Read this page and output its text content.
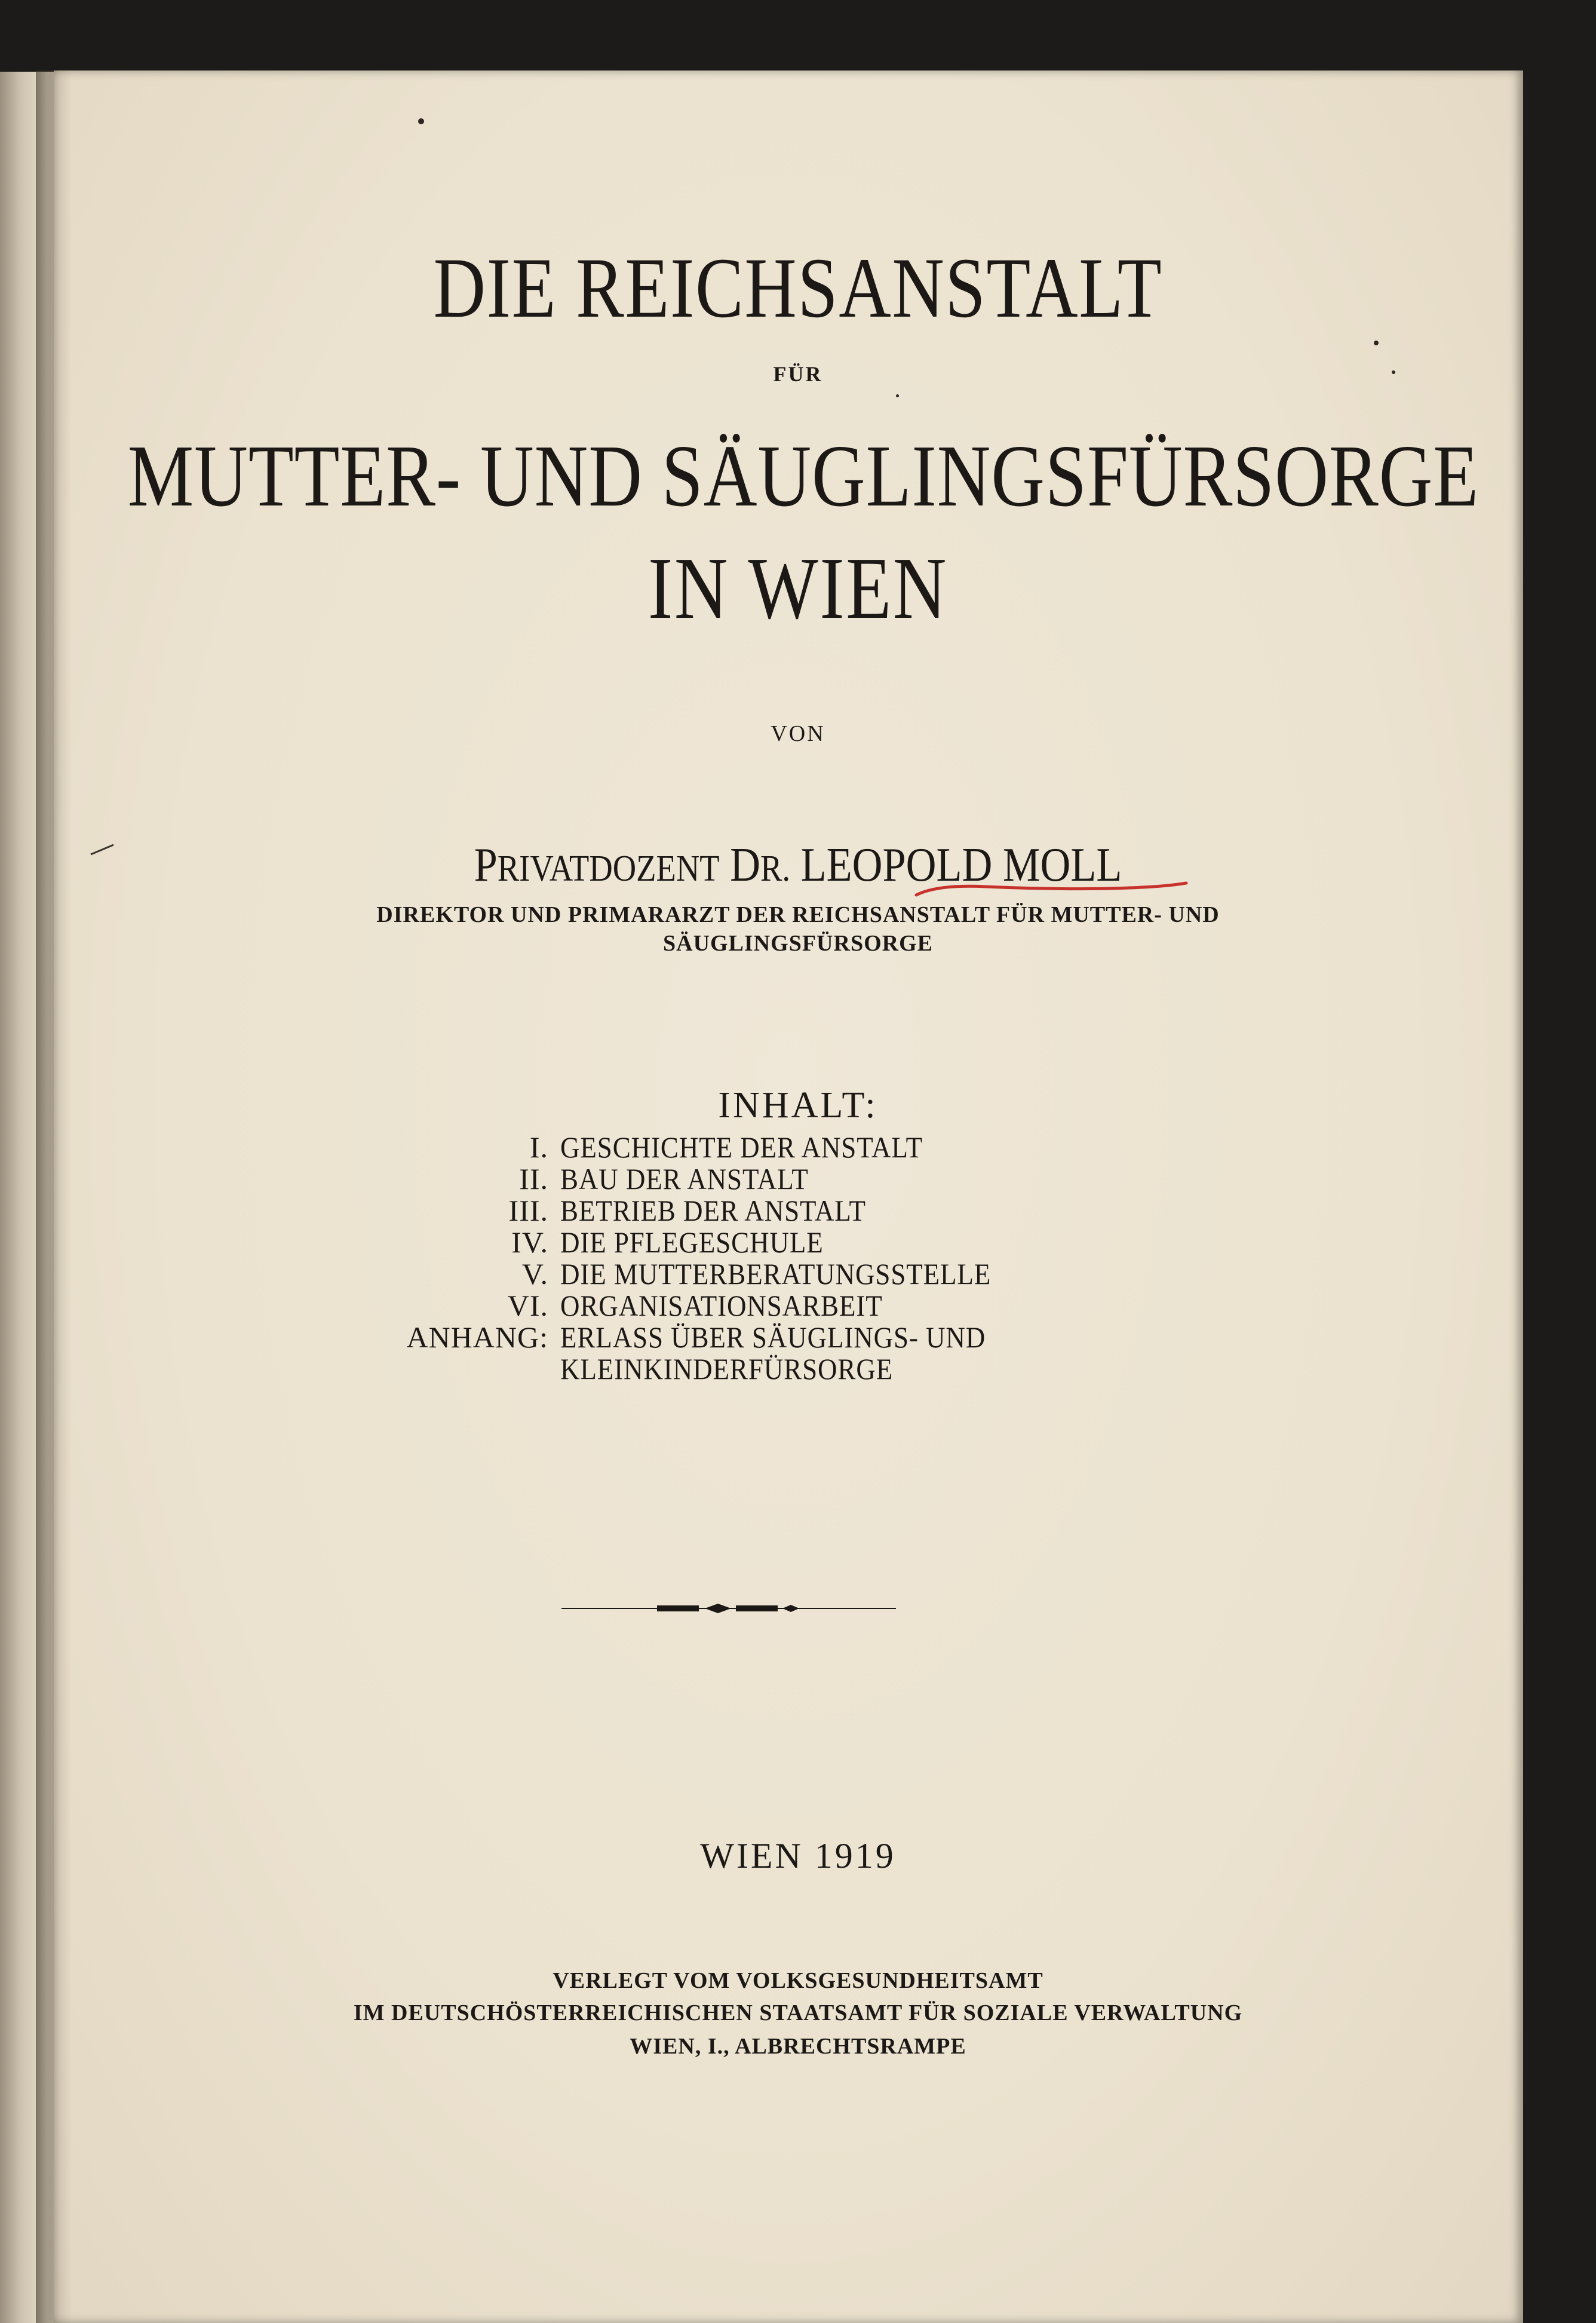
DIE REICHSANSTALT
FÜR
MUTTER- UND SÄUGLINGSFÜRSORGE
IN WIEN
VON
PRIVATDOZENT DR. LEOPOLD MOLL
DIREKTOR UND PRIMARARZT DER REICHSANSTALT FÜR MUTTER- UND
SÄUGLINGSFÜRSORGE
INHALT:
I. GESCHICHTE DER ANSTALT
II. BAU DER ANSTALT
III. BETRIEB DER ANSTALT
IV. DIE PFLEGESCHULE
V. DIE MUTTERBERATUNGSSTELLE
VI. ORGANISATIONSARBEIT
ANHANG: ERLASS ÜBER SÄUGLINGS- UND
KLEINKINDERFÜRSORGE
WIEN 1919
VERLEGT VOM VOLKSGESUNDHEITSAMT
IM DEUTSCHÖSTERREICHISCHEN STAATSAMT FÜR SOZIALE VERWALTUNG
WIEN, I., ALBRECHTSRAMPE
